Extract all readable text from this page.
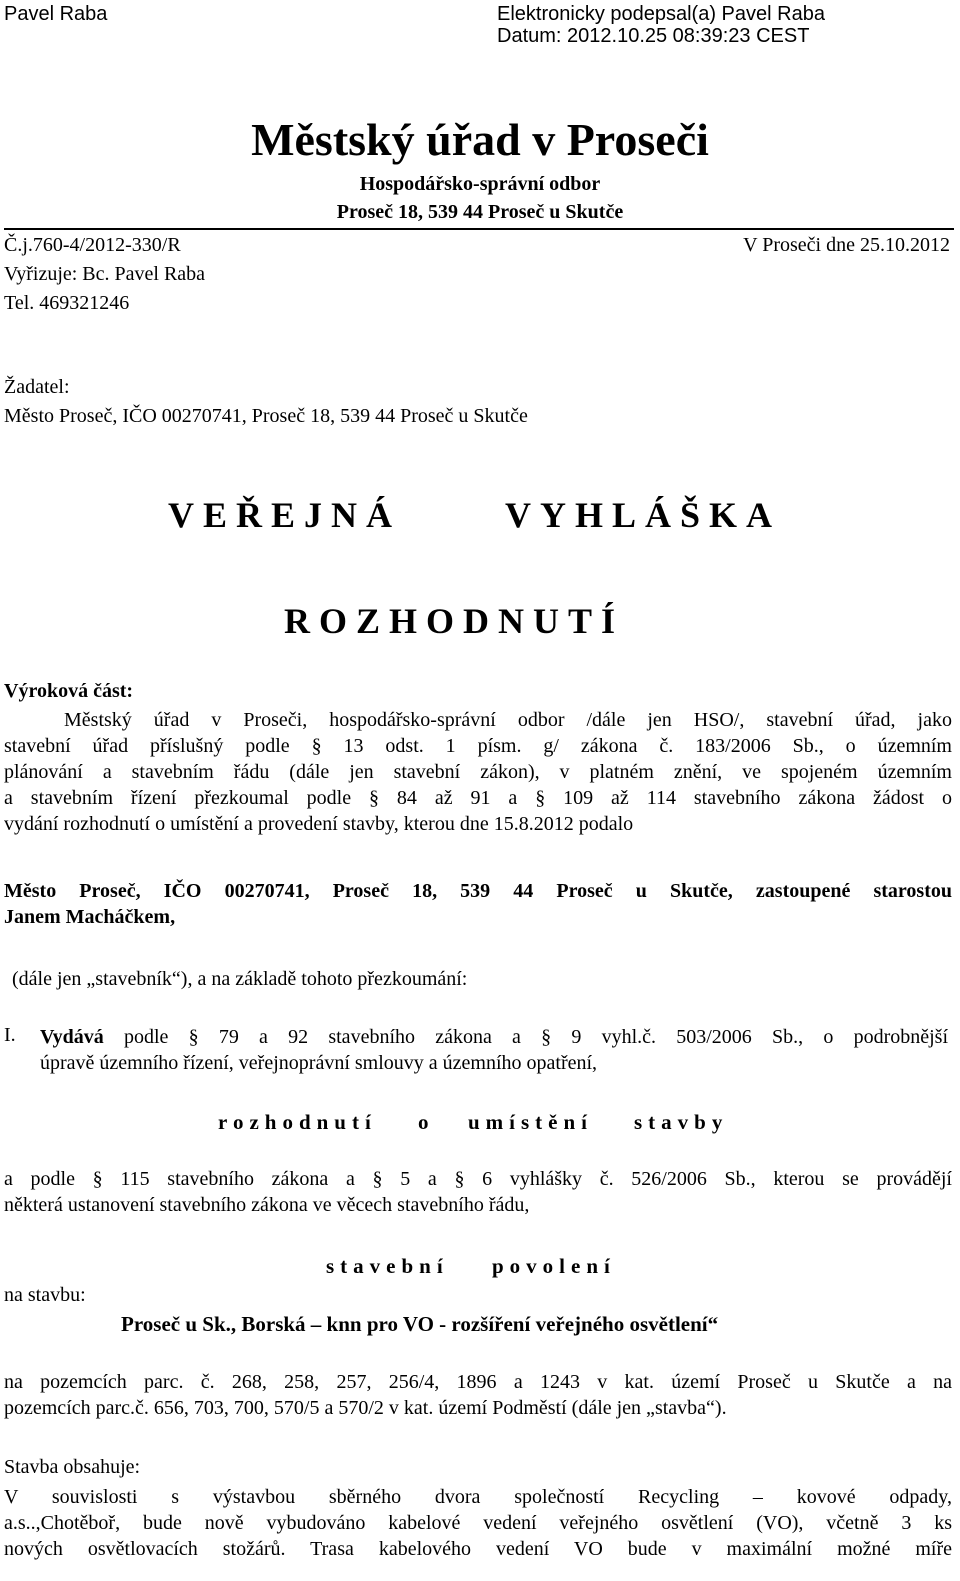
Pavel Raba	Elektronicky podepsal(a) Pavel Raba
Datum: 2012.10.25 08:39:23 CEST
Městský úřad v Proseči
Hospodářsko-správní odbor
Proseč 18, 539 44 Proseč u Skutče
Č.j.760-4/2012-330/R	V Proseči dne 25.10.2012
Vyřizuje: Bc. Pavel Raba
Tel. 469321246
Žadatel:
Město Proseč, IČO 00270741, Proseč 18, 539 44 Proseč u Skutče
VEŘEJNÁ	VYHLÁŠKA
ROZHODNUTÍ
Výroková část:
Městský úřad v Proseči, hospodářsko-správní odbor /dále jen HSO/, stavební úřad, jako
stavební úřad příslušný podle § 13 odst. 1 písm. g/ zákona č. 183/2006 Sb., o územním
plánování a stavebním řádu (dále jen stavební zákon), v platném znění, ve spojeném územním
a stavebním řízení přezkoumal podle § 84 až 91 a § 109 až 114 stavebního zákona žádost o
vydání rozhodnutí o umístění a provedení stavby, kterou dne 15.8.2012 podalo
Město Proseč, IČO 00270741, Proseč 18, 539 44 Proseč u Skutče, zastoupené starostou
Janem Macháčkem,
(dále jen „stavebník“), a na základě tohoto přezkoumání:
I. Vydává podle § 79 a 92 stavebního zákona a § 9 vyhl.č. 503/2006 Sb., o podrobnější
úpravě územního řízení, veřejnoprávní smlouvy a územního opatření,
rozhodnutí o umístění stavby
a podle § 115 stavebního zákona a § 5 a § 6 vyhlášky č. 526/2006 Sb., kterou se provádějí
některá ustanovení stavebního zákona ve věcech stavebního řádu,
stavební povolení
na stavbu:
Proseč u Sk., Borská – knn pro VO - rozšíření veřejného osvětlení“
na pozemcích parc. č. 268, 258, 257, 256/4, 1896 a 1243 v kat. území Proseč u Skutče a na
pozemcích parc.č. 656, 703, 700, 570/5 a 570/2 v kat. území Podměstí (dále jen „stavba“).
Stavba obsahuje:
V souvislosti s výstavbou sběrného dvora společností Recycling – kovové odpady,
a.s..,Chotěboř, bude nově vybudováno kabelové vedení veřejného osvětlení (VO), včetně 3 ks
nových osvětlovacích stožárů. Trasa kabelového vedení VO bude v maximální možné míře
